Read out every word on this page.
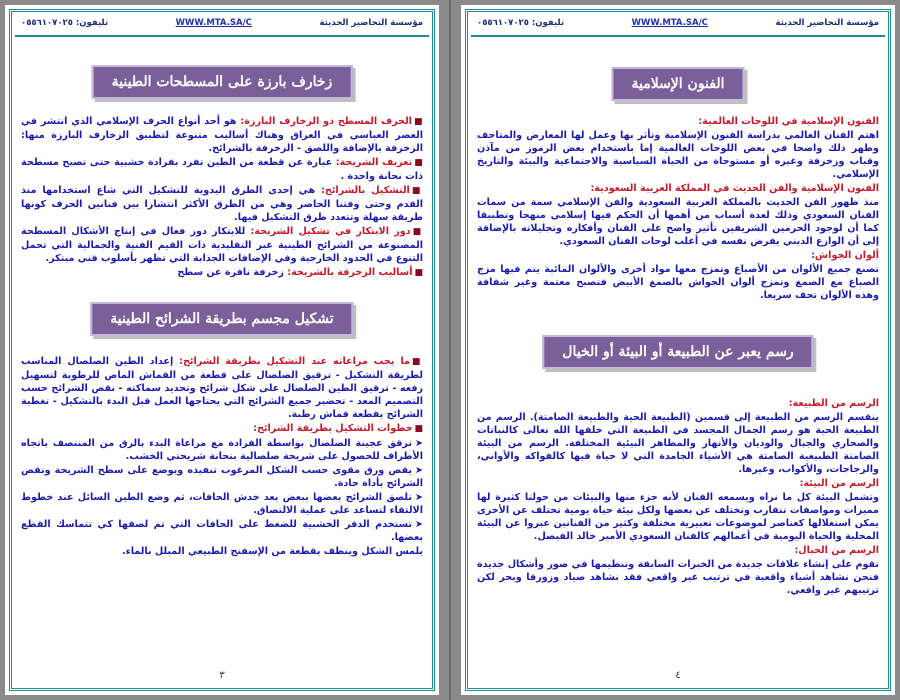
مؤسسة التحاضير الحديثة
WWW.MTA.SA/C
تليفون: ٠٥٥٦١٠٧٠٢٥
زخارف بارزة على المسطحات الطينية

■الحرف المسطح ذو الزخارف البارزة: هو أحد أنواع الحرف الإسلامي الذي انتشر في العصر العباسي في العراق وهناك أساليب متنوعة لتطبيق الزخارف البارزة منها: الزخرفة بالإضافة واللصق - الزخرفة بالشرائح.

■تعريف الشريحة: عبارة عن قطعة من الطين تفرد بفرادة خشبية حتى تصبح مسطحة ذات نحانة واحدة .

■التشكيل بالشرائح: هي إحدى الطرق اليدوية للتشكيل التي شاع استخدامها منذ القدم وحتى وقتنا الحاضر وهي من الطرق الأكثر انتشارا بين فنانين الحرف كونها طريقة سهلة وتتعدد طرق التشكيل فيها.

■دور الابتكار في تشكيل الشريحة: للابتكار دور فعال في إنتاج الأشكال المسطحة المصنوعة من الشرائح الطينية غير التقليدية ذات القيم الفنية والجمالية التي تحمل التنوع في الحدود الخارجية وفي الإضافات الجذابة التي تظهر بأسلوب فني مبتكر.

■أساليب الزخرفة بالشريحة: زخرفة نافرة عن سطح

تشكيل مجسم بطريقة الشرائح الطينية

■ما يجب مراعاته عند التشكيل بطريقة الشرائح: إعداد الطين الصلصال المناسب لطريقة التشكيل - ترقيق الصلصال على قطعة من القماش الماص للرطوبة لتسهيل رفعه - ترقيق الطين الصلصال على شكل شرائح وتحديد سماكته - نقص الشرائح حسب التصميم المعد - تحضير جميع الشرائح التي يحتاجها العمل قبل البدء بالتشكيل - تغطية الشرائح بقطعة قماش رطبة.

■خطوات التشكيل بطريقة الشرائح:

➤ترقق عجينة الصلصال بواسطة الفرادة مع مراعاة البدء بالرق من المنتصف باتجاه الأطراف للحصول على شريحة صلصالية بنحانة شريحتي الخشب.

➤يقص ورق مقوى حسب الشكل المرغوب تنفيذه ويوضع على سطح الشريحة ونقص الشرائح بأداة حادة.

➤تلصق الشرائح بعضها ببعض بعد خدش الحافات، ثم وضع الطين السائل عند خطوط الالتقاء لتساعد على عملية الالتصاق.

➤تستخدم الدقر الخشبية للضغط على الحافات التي تم لصقها كي تتماسك القطع بعضها.

يلمس الشكل وينظف بقطعة من الإسفنج الطبيعي المبلل بالماء.

٣
مؤسسة التحاضير الحديثة
WWW.MTA.SA/C
تليفون: ٠٥٥٦١٠٧٠٢٥
الفنون الإسلامية

الفنون الإسلامية في اللوحات العالمية:

اهتم الفنان العالمي بدراسة الفنون الإسلامية وتأثر بها وعمل لها المعارض والمتاحف وظهر ذلك واضحا في بعض اللوحات العالمية إما باستخدام بعض الرموز من مآذن وقباب وزخرفة وغيره أو مستوحاة من الحياة السياسية والاجتماعية والبيئة والتاريخ الإسلامي.

الفنون الإسلامية والفن الحديث في المملكة العربية السعودية:

منذ ظهور الفن الحديث بالمملكة العربية السعودية والفن الإسلامي سمة من سمات الفنان السعودي وذلك لعدة أسباب من أهمها أن الحكم فيها إسلامي منهجا وتطبيقا كما أن لوجود الحرمين الشريفين تأثير واضح على الفنان وأفكاره وتجليلاته بالإضافة إلى أن الوازع الديني يفرض نفسه في أغلب لوحات الفنان السعودي.

ألوان الجواش:

تصنع جميع الألوان من الأصباغ وتمزج معها مواد أخرى والألوان المائية يتم فيها مزج الصباغ مع الصمغ وتمزج ألوان الجواش بالصمغ الأبيض فتصبح معتمة وغير شفافة وهذه الألوان تجف سريعا.

رسم يعبر عن الطبيعة أو البيئة أو الخيال

الرسم من الطبيعة:

ينقسم الرسم من الطبيعة إلى قسمين (الطبيعة الحية والطبيعة الصامتة). الرسم من الطبيعة الحية هو رسم الجمال المجسد في الطبيعة التي خلقها الله تعالى كالنباتات والصحاري والجبال والوديان والأنهار والمظاهر البيئية المختلفة. الرسم من البيئة الصامتة الطبيعية الصامتة هي الأشياء الجامدة التي لا حياة فيها كالفواكه والأواني، والزجاجات، والأكواب، وغيرها.

الرسم من البيئة:

وتشمل البيئة كل ما نراه ويسمعه الفنان لأنه جزء منها والبيئات من حولنا كثيرة لها مميزات ومواصفات تتقارب وتختلف عن بعضها ولكل بيئة حياة يومية تختلف عن الأخرى يمكن استغلالها كعناصر لموضوعات تعبيرية مختلفة وكثير من الفنانين عبروا عن البيئة المحلية والحياة اليومية في أعمالهم كالفنان السعودي الأمير خالد الفيصل.

الرسم من الخيال:

تقوم على إنشاء علاقات جديدة من الخبرات السابقة وتنظيمها في صور وأشكال جديدة فنحن نشاهد أشياء واقعية في ترتيب غير واقعي فقد نشاهد صياد وزورقا وبحر لكن ترتيبهم غير واقعي.

٤
